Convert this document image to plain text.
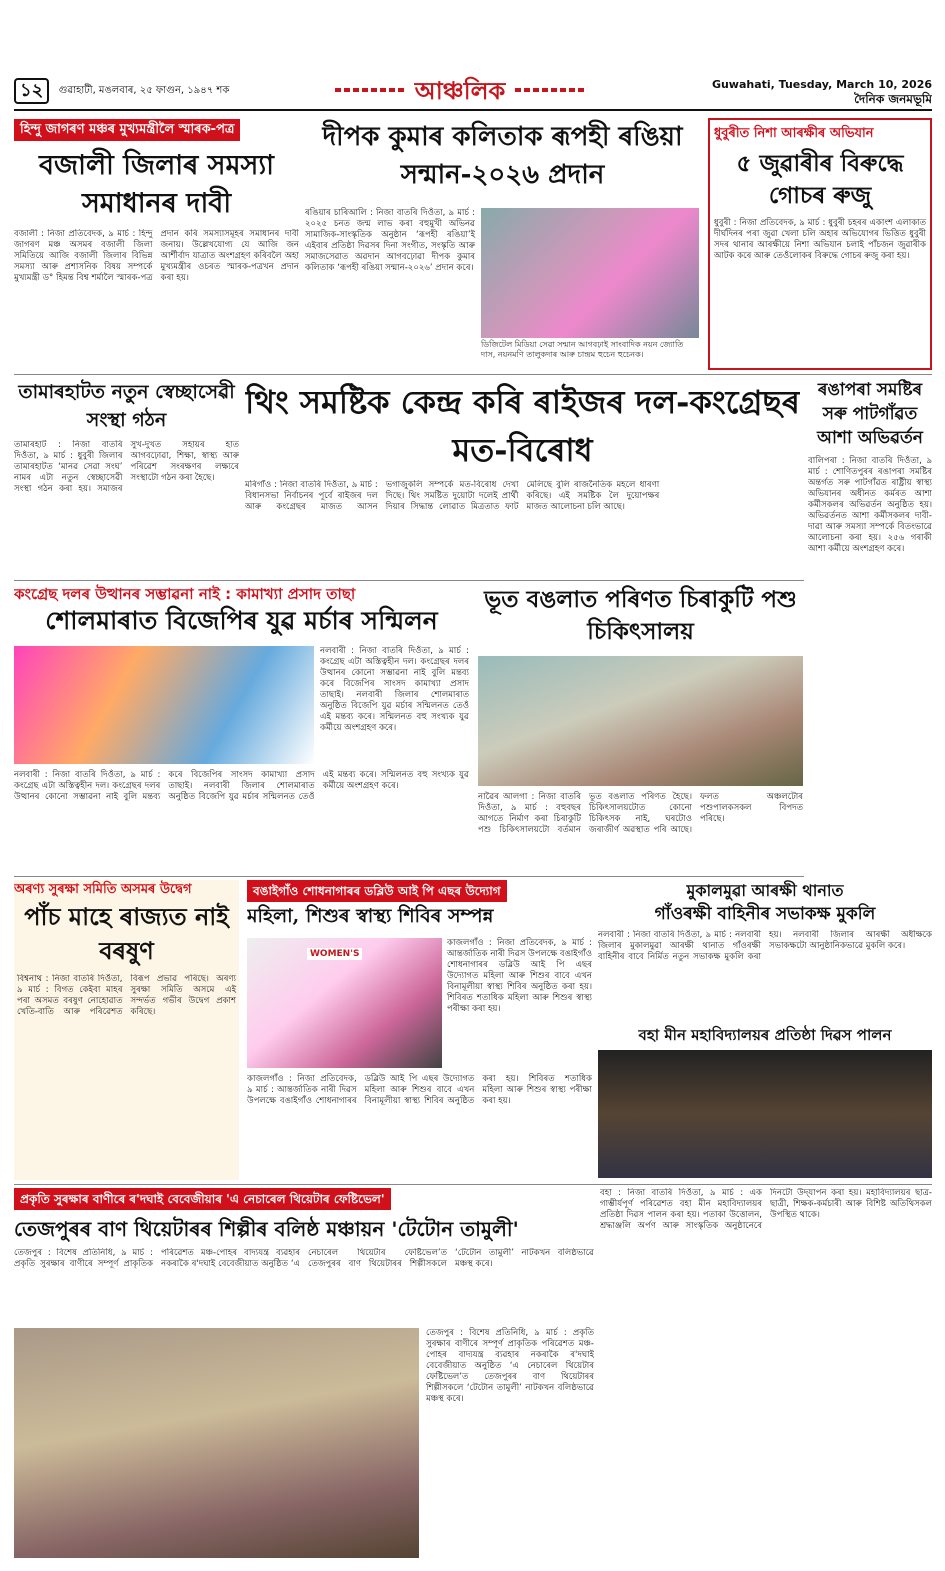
১২ গুৱাহাটী, মঙলবাৰ, ২৫ ফাগুন, ১৯৪৭ শক	আঞ্চলিক	Guwahati, Tuesday, March 10, 2026
দৈনিক জনমভূমি
হিন্দু জাগৰণ মঞ্চৰ মুখ্যমন্ত্ৰীলৈ স্মাৰক-পত্ৰ
বজালী জিলাৰ সমস্যা সমাধানৰ দাবী
বজালী : নিজা প্ৰতিবেদক, ৯ মাৰ্চ : হিন্দু জাগৰণ মঞ্চ অসমৰ বজালী জিলা সমিতিয়ে আজি বজালী জিলাৰ বিভিন্ন সমস্যা আৰু প্ৰশাসনিক বিষয় সম্পৰ্কে মুখ্যমন্ত্ৰী ড° হিমন্ত বিশ্ব শৰ্মালৈ স্মাৰক-পত্ৰ প্ৰদান কৰি সমস্যাসমূহৰ সমাধানৰ দাবী জনায়। উল্লেখযোগ্য যে আজি জন আৰ্শীৰ্বাদ যাত্ৰাত অংশগ্ৰহণ কৰিবলৈ অহা মুখ্যমন্ত্ৰীৰ ওচৰত স্মাৰক-পত্ৰখন প্ৰদান কৰা হয়।
দীপক কুমাৰ কলিতাক ৰূপহী ৰঙিয়া সন্মান-২০২৬ প্ৰদান
ৰঙিয়াৰ চাৰিআলি : নিজা বাতৰি দিওঁতা, ৯ মাৰ্চ : ২০২৫ চনত জন্ম লাভ কৰা বহুমুখী অভিনৱ সামাজিক-সাংস্কৃতিক অনুষ্ঠান ‘ৰূপহী ৰঙিয়া’ই এইবাৰ প্ৰতিষ্ঠা দিৱসৰ দিনা সংগীত, সংস্কৃতি আৰু সমাজসেৱাত অৱদান আগবঢ়োৱা দীপক কুমাৰ কলিতাক ‘ৰূপহী ৰঙিয়া সন্মান-২০২৬’ প্ৰদান কৰে।
ডিজিটেল মিডিয়া সেৱা সন্মান আগবঢ়াই সাংবাদিক নয়ন জ্যোতি দাস, নয়নমণি তালুকদাৰ আৰু চান্দ্ৰম হুচেন হুচেনক।
ধুবুৰীত নিশা আৰক্ষীৰ অভিযান
৫ জুৱাৰীৰ বিৰুদ্ধে গোচৰ ৰুজু
ধুবুৰী : নিজা প্ৰতিবেদক, ৯ মাৰ্চ : ধুবুৰী চহৰৰ একাংশ এলাকাত দীৰ্ঘদিনৰ পৰা জুৱা খেলা চলি অহাৰ অভিযোগৰ ভিত্তিত ধুবুৰী সদৰ থানাৰ আৰক্ষীয়ে নিশা অভিযান চলাই পাঁচজন জুৱাৰীক আটক কৰে আৰু তেওঁলোকৰ বিৰুদ্ধে গোচৰ ৰুজু কৰা হয়।
তামাৰহাটত নতুন স্বেচ্ছাসেৱী সংস্থা গঠন
তামাৰহাট : নিজা বাতৰি দিওঁতা, ৯ মাৰ্চ : ধুবুৰী জিলাৰ তামাৰহাটত ‘মানৱ সেৱা সংঘ’ নামৰ এটা নতুন স্বেচ্ছাসেৱী সংস্থা গঠন কৰা হয়। সমাজৰ সুখ-দুখত সহায়ৰ হাত আগবঢ়োৱা, শিক্ষা, স্বাস্থ্য আৰু পৰিৱেশ সংৰক্ষণৰ লক্ষ্যৰে সংস্থাটো গঠন কৰা হৈছে।
থিং সমষ্টিক কেন্দ্ৰ কৰি ৰাইজৰ দল-কংগ্ৰেছৰ মত-বিৰোধ
মৰিগাঁও : নিজা বাতৰি দিওঁতা, ৯ মাৰ্চ : বিধানসভা নিৰ্বাচনৰ পূৰ্বে ৰাইজৰ দল আৰু কংগ্ৰেছৰ মাজত আসন ভগাজুকলি সম্পৰ্কে মত-বিৰোধ দেখা দিছে। থিং সমষ্টিত দুয়োটা দলেই প্ৰাৰ্থী দিয়াৰ সিদ্ধান্ত লোৱাত মিত্ৰতাত ফাট মেলিছে বুলি ৰাজনৈতিক মহলে ধাৰণা কৰিছে। এই সমষ্টিক লৈ দুয়োপক্ষৰ মাজত আলোচনা চলি আছে।
ৰঙাপৰা সমষ্টিৰ সৰু পাটগাঁৱত আশা অভিৱৰ্তন
বালিপৰা : নিজা বাতৰি দিওঁতা, ৯ মাৰ্চ : শোণিতপুৰৰ ৰঙাপৰা সমষ্টিৰ অন্তৰ্গত সৰু পাটগাঁৱত ৰাষ্ট্ৰীয় স্বাস্থ্য অভিযানৰ অধীনত কৰ্মৰত আশা কৰ্মীসকলৰ অভিৱৰ্তন অনুষ্ঠিত হয়। অভিৱৰ্তনত আশা কৰ্মীসকলৰ দাবী-দাৱা আৰু সমস্যা সম্পৰ্কে বিতংভাৱে আলোচনা কৰা হয়। ২৫৬ গৰাকী আশা কৰ্মীয়ে অংশগ্ৰহণ কৰে।
কংগ্ৰেছ দলৰ উত্থানৰ সম্ভাৱনা নাই : কামাখ্যা প্ৰসাদ তাছা
শোলমাৰাত বিজেপিৰ যুৱ মৰ্চাৰ সন্মিলন
নলবাৰী : নিজা বাতৰি দিওঁতা, ৯ মাৰ্চ : কংগ্ৰেছ এটা অস্তিত্বহীন দল। কংগ্ৰেছৰ দলৰ উত্থানৰ কোনো সম্ভাৱনা নাই বুলি মন্তব্য কৰে বিজেপিৰ সাংসদ কামাখ্যা প্ৰসাদ তাছাই। নলবাৰী জিলাৰ শোলমাৰাত অনুষ্ঠিত বিজেপি যুৱ মৰ্চাৰ সন্মিলনত তেওঁ এই মন্তব্য কৰে। সন্মিলনত বহু সংখ্যক যুৱ কৰ্মীয়ে অংশগ্ৰহণ কৰে।
নলবাৰী : নিজা বাতৰি দিওঁতা, ৯ মাৰ্চ : কংগ্ৰেছ এটা অস্তিত্বহীন দল। কংগ্ৰেছৰ দলৰ উত্থানৰ কোনো সম্ভাৱনা নাই বুলি মন্তব্য কৰে বিজেপিৰ সাংসদ কামাখ্যা প্ৰসাদ তাছাই। নলবাৰী জিলাৰ শোলমাৰাত অনুষ্ঠিত বিজেপি যুৱ মৰ্চাৰ সন্মিলনত তেওঁ এই মন্তব্য কৰে। সন্মিলনত বহু সংখ্যক যুৱ কৰ্মীয়ে অংশগ্ৰহণ কৰে।
ভূত বঙলাত পৰিণত চিৰাকুটি পশু চিকিৎসালয়
নাৱৈৰ আলগা : নিজা বাতৰি দিওঁতা, ৯ মাৰ্চ : বহুবছৰ আগতে নিৰ্মাণ কৰা চিৰাকুটি পশু চিকিৎসালয়টো বৰ্তমান ভূত বঙলাত পৰিণত হৈছে। চিকিৎসালয়টোত কোনো চিকিৎসক নাই, ঘৰটোও জৰাজীৰ্ণ অৱস্থাত পৰি আছে। ফলত অঞ্চলটোৰ পশুপালকসকল বিপদত পৰিছে।
অৰণ্য সুৰক্ষা সমিতি অসমৰ উদ্বেগ
পাঁচ মাহে ৰাজ্যত নাই বৰষুণ
বিশ্বনাথ : নিজা বাতৰি দিওঁতা, ৯ মাৰ্চ : বিগত কেইবা মাহৰ পৰা অসমত বৰষুণ নোহোৱাত খেতি-বাতি আৰু পৰিৱেশত বিৰূপ প্ৰভাৱ পৰিছে। অৰণ্য সুৰক্ষা সমিতি অসমে এই সন্দৰ্ভত গভীৰ উদ্বেগ প্ৰকাশ কৰিছে।
বঙাইগাঁও শোধনাগাৰৰ ডব্লিউ আই পি এছৰ উদ্যোগ
মহিলা, শিশুৰ স্বাস্থ্য শিবিৰ সম্পন্ন
WOMEN'S
কাজলগাঁও : নিজা প্ৰতিবেদক, ৯ মাৰ্চ : আন্তৰ্জাতিক নাৰী দিৱস উপলক্ষে বঙাইগাঁও শোধনাগাৰৰ ডব্লিউ আই পি এছৰ উদ্যোগত মহিলা আৰু শিশুৰ বাবে এখন বিনামূলীয়া স্বাস্থ্য শিবিৰ অনুষ্ঠিত কৰা হয়। শিবিৰত শতাধিক মহিলা আৰু শিশুৰ স্বাস্থ্য পৰীক্ষা কৰা হয়।
কাজলগাঁও : নিজা প্ৰতিবেদক, ৯ মাৰ্চ : আন্তৰ্জাতিক নাৰী দিৱস উপলক্ষে বঙাইগাঁও শোধনাগাৰৰ ডব্লিউ আই পি এছৰ উদ্যোগত মহিলা আৰু শিশুৰ বাবে এখন বিনামূলীয়া স্বাস্থ্য শিবিৰ অনুষ্ঠিত কৰা হয়। শিবিৰত শতাধিক মহিলা আৰু শিশুৰ স্বাস্থ্য পৰীক্ষা কৰা হয়।
মুকালমুৱা আৰক্ষী থানাত
গাঁওৰক্ষী বাহিনীৰ সভাকক্ষ মুকলি
নলবাৰী : নিজা বাতৰি দিওঁতা, ৯ মাৰ্চ : নলবাৰী জিলাৰ মুকালমুৱা আৰক্ষী থানাত গাঁওৰক্ষী বাহিনীৰ বাবে নিৰ্মিত নতুন সভাকক্ষ মুকলি কৰা হয়। নলবাৰী জিলাৰ আৰক্ষী অধীক্ষকে সভাকক্ষটো আনুষ্ঠানিকভাৱে মুকলি কৰে।
বহা মীন মহাবিদ্যালয়ৰ প্ৰতিষ্ঠা দিৱস পালন
প্ৰকৃতি সুৰক্ষাৰ বাণীৰে ৰ'দঘাই বেবেজীয়াৰ 'এ নেচাৰেল থিয়েটাৰ ফেষ্টিভেল'
তেজপুৰৰ বাণ থিয়েটাৰৰ শিল্পীৰ বলিষ্ঠ মঞ্চায়ন 'টেটোন তামুলী'
তেজপুৰ : বিশেষ প্ৰতিনিধি, ৯ মাৰ্চ : প্ৰকৃতি সুৰক্ষাৰ বাণীৰে সম্পূৰ্ণ প্ৰাকৃতিক পৰিৱেশত মঞ্চ-পোহৰ বাদ্যযন্ত্ৰ ব্যৱহাৰ নকৰাকৈ ৰ'দঘাই বেবেজীয়াত অনুষ্ঠিত ‘এ নেচাৰেল থিয়েটাৰ ফেষ্টিভেল’ত তেজপুৰৰ বাণ থিয়েটাৰৰ শিল্পীসকলে ‘টেটোন তামুলী’ নাটকখন বলিষ্ঠভাৱে মঞ্চস্থ কৰে।
তেজপুৰ : বিশেষ প্ৰতিনিধি, ৯ মাৰ্চ : প্ৰকৃতি সুৰক্ষাৰ বাণীৰে সম্পূৰ্ণ প্ৰাকৃতিক পৰিৱেশত মঞ্চ-পোহৰ বাদ্যযন্ত্ৰ ব্যৱহাৰ নকৰাকৈ ৰ'দঘাই বেবেজীয়াত অনুষ্ঠিত ‘এ নেচাৰেল থিয়েটাৰ ফেষ্টিভেল’ত তেজপুৰৰ বাণ থিয়েটাৰৰ শিল্পীসকলে ‘টেটোন তামুলী’ নাটকখন বলিষ্ঠভাৱে মঞ্চস্থ কৰে।
বহা : নিজা বাতৰি দিওঁতা, ৯ মাৰ্চ : এক গাম্ভীৰ্যপূৰ্ণ পৰিৱেশত বহা মীন মহাবিদ্যালয়ৰ প্ৰতিষ্ঠা দিৱস পালন কৰা হয়। পতাকা উত্তোলন, শ্ৰদ্ধাঞ্জলি অৰ্পণ আৰু সাংস্কৃতিক অনুষ্ঠানেৰে দিনটো উদ্‌যাপন কৰা হয়। মহাবিদ্যালয়ৰ ছাত্ৰ-ছাত্ৰী, শিক্ষক-কৰ্মচাৰী আৰু বিশিষ্ট অতিথিসকল উপস্থিত থাকে।
